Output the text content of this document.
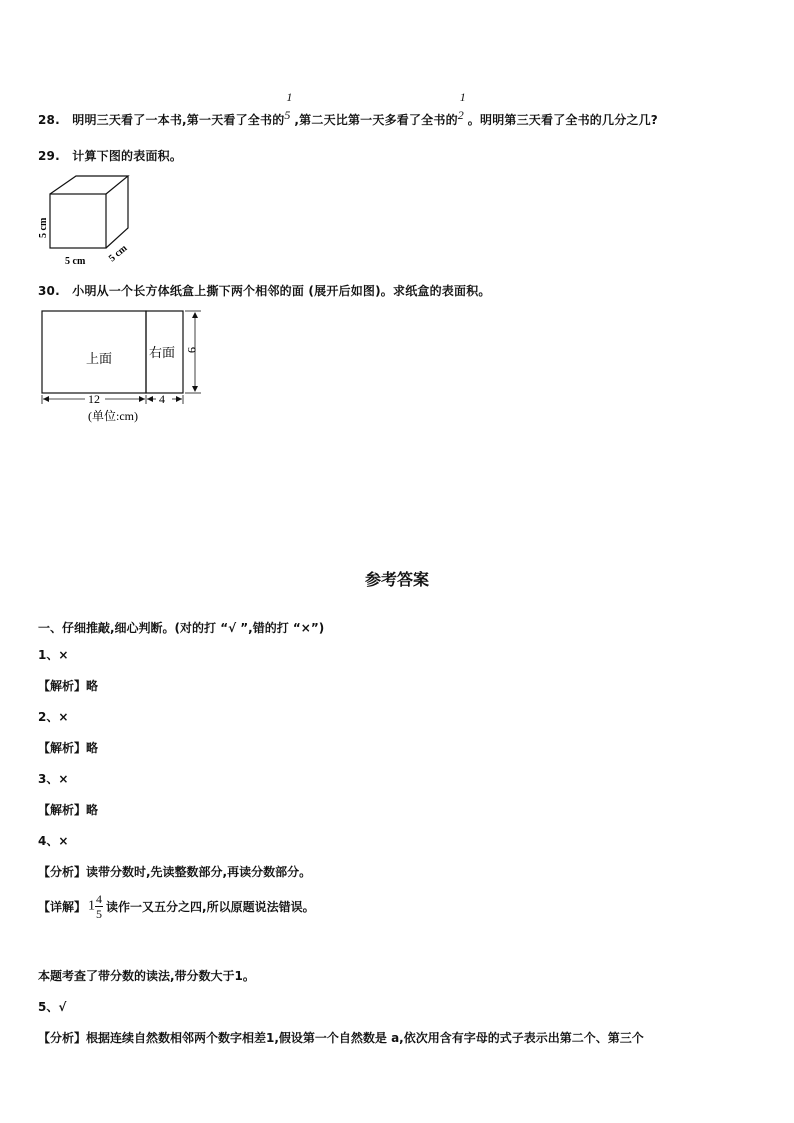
28. 明明三天看了一本书,第一天看了全书的
1
5 ,第二天比第一天多看了全书的
1
2 。明明第三天看了全书的几分之几?
29. 计算下图的表面积。
5 cm
5 cm 5 cm
30. 小明从一个长方体纸盒上撕下两个相邻的面 (展开后如图)。求纸盒的表面积。
上面	右面 9
12	4
(单位:cm)
参考答案
一、仔细推敲,细心判断。(对的打 “√ ”,错的打 “×”)
1、×
【解析】略
2、×
【解析】略
3、×
【解析】略
4、×
【分析】读带分数时,先读整数部分,再读分数部分。
【详解】 $1 \frac{4}{5}$ 读作一又五分之四,所以原题说法错误。
本题考查了带分数的读法,带分数大于1。
5、√
【分析】根据连续自然数相邻两个数字相差1,假设第一个自然数是 a,依次用含有字母的式子表示出第二个、第三个
